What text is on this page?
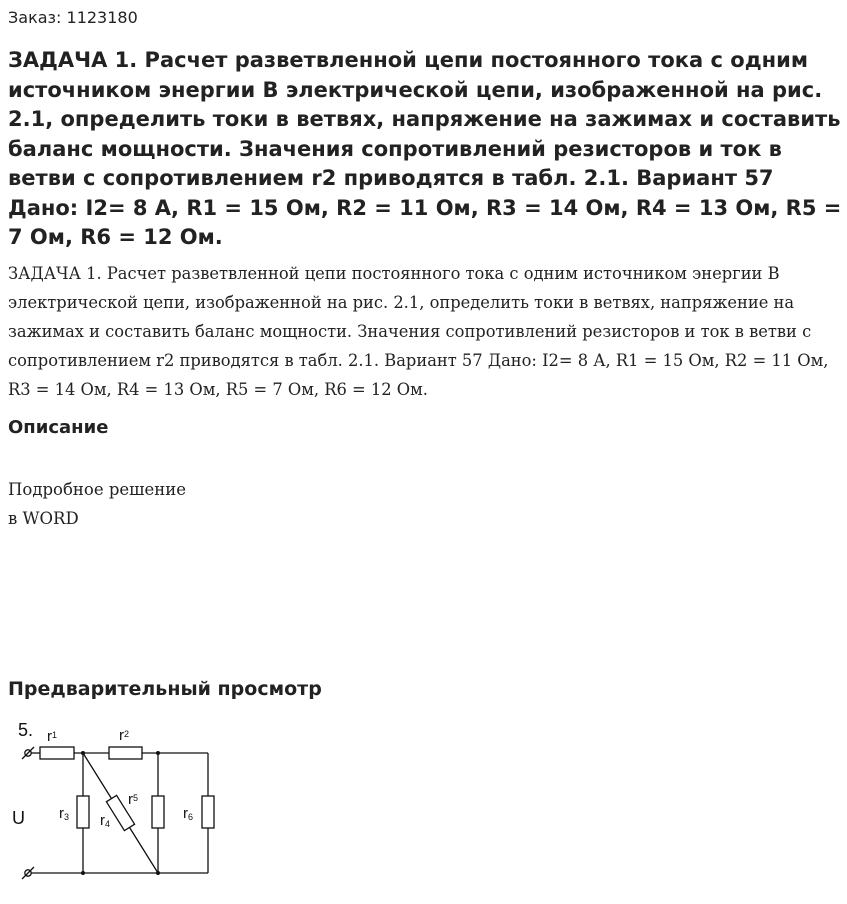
Заказ: 1123180
ЗАДАЧА 1. Расчет разветвленной цепи постоянного тока с одним источником энергии В электрической цепи, изображенной на рис. 2.1, определить токи в ветвях, напряжение на зажимах и составить баланс мощности. Значения сопротивлений резисторов и ток в ветви с сопротивлением r2 приводятся в табл. 2.1. Вариант 57 Дано: I2= 8 А, R1 = 15 Ом, R2 = 11 Ом, R3 = 14 Ом, R4 = 13 Ом, R5 = 7 Ом, R6 = 12 Ом.
ЗАДАЧА 1. Расчет разветвленной цепи постоянного тока с одним источником энергии В электрической цепи, изображенной на рис. 2.1, определить токи в ветвях, напряжение на зажимах и составить баланс мощности. Значения сопротивлений резисторов и ток в ветви с сопротивлением r2 приводятся в табл. 2.1. Вариант 57 Дано: I2= 8 А, R1 = 15 Ом, R2 = 11 Ом, R3 = 14 Ом, R4 = 13 Ом, R5 = 7 Ом, R6 = 12 Ом.
Описание
Подробное решение
в WORD
Предварительный просмотр
5.
U
$r^1$	$r^2$
r3 r4
$r^5$
r6
